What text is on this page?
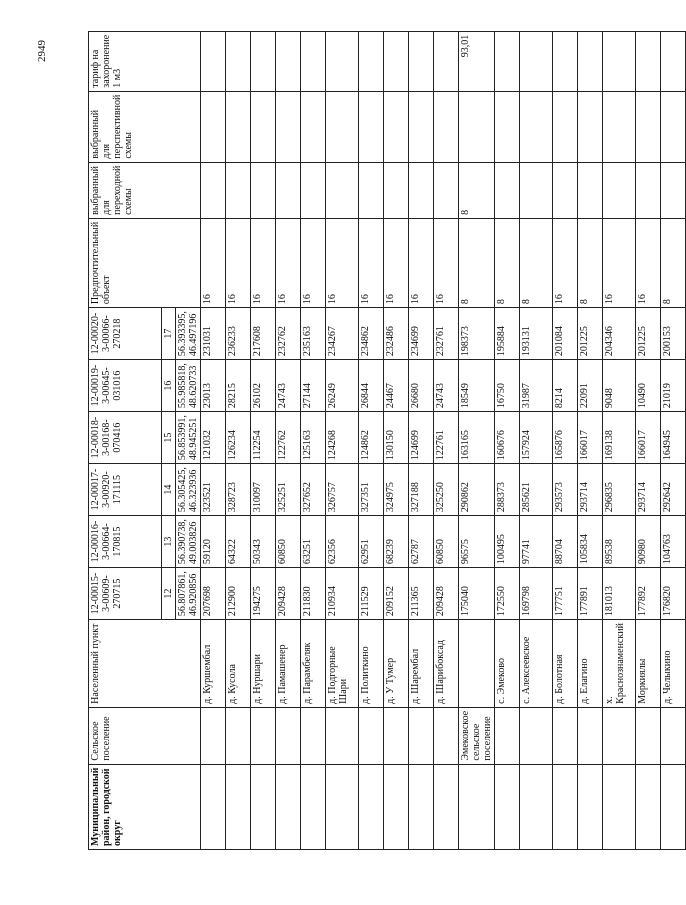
2949
Муниципальный район, городской округ	Сельское поселение	Населенный пункт	12-00015-3-00609-270715	12-00016-3-00664-170815	12-00017-3-00920-171115	12-00018-3-00168-070416	12-00019-3-00645-031016	12-00020-3-00066-270218	Предпочтительный объект	выбранный для переходной схемы	выбранный для перспективной схемы	тариф на захоронение 1 м3
			12	13	14	15	16	17				
			56.807861, 46.920856	56.390738, 49.003826	56.305425, 46.323936	56.853991, 48.945251	55.985818, 48.620733	56.393395, 46.497196				
		д. Куршембал	207698	59120	323521	121032	23013	231031	16			
		д. Кусола	212900	64322	328723	126234	28215	236233	16			
		д. Нуршари	194275	50343	310097	112254	26102	217608	16			
		д. Памашенер	209428	60850	325251	122762	24743	232762	16			
		д. Парамбеляк	211830	63251	327652	125163	27144	235163	16			
		д. Подгорные Шари	210934	62356	326757	124268	26249	234267	16			
		д. Политкино	211529	62951	327351	124862	26844	234862	16			
		д. У Тумер	209152	68239	324975	130150	24467	232486	16			
		д. Шарембал	211365	62787	327188	124699	26680	234699	16			
		д. Шарибоксад	209428	60850	325250	122761	24743	232761	16			
	Эмековское сельское поселение		175040	96575	290862	163165	18549	198373	8	8		93,01
		с. Эмеково	172550	100495	288373	160676	16750	195884	8			
		с. Алексеевское	169798	97741	285621	157924	31987	193131	8			
		д. Болотная	177751	88704	293573	165876	8214	201084	16			
		д. Елагино	177891	105834	293714	166017	22091	201225	8			
		х. Краснознаменский	181013	89538	296835	169138	9048	204346	16			
		Моркиялы	177892	90980	293714	166017	10490	201225	16			
		д. Челыкино	176820	104763	292642	164945	21019	200153	8			
